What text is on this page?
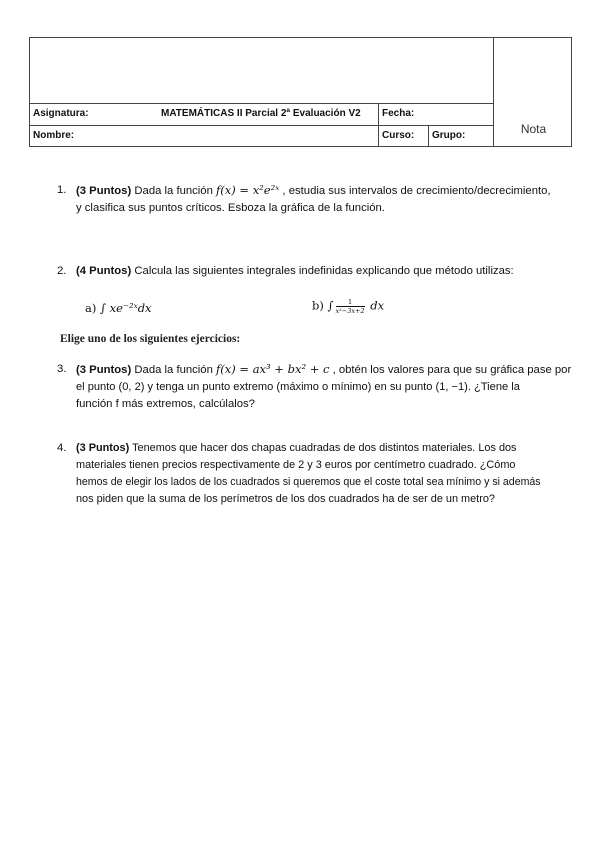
. , . .
Asignatura:	MATEMÁTICAS II Parcial 2ª Evaluación V2 Fecha:
Nombre:	Curso: Grupo:	Nota
1. (3 Puntos) Dada la función f(x) = x²e²ˣ , estudia sus intervalos de crecimiento/decrecimiento,
y clasifica sus puntos críticos. Esboza la gráfica de la función.
2. (4 Puntos) Calcula las siguientes integrales indefinidas explicando que método utilizas:
a) ∫ xe⁻²ˣdx	b) ∫ $\frac{1}{\text{x²−3x+2}}$ dx
Elige uno de los siguientes ejercicios:
3. (3 Puntos) Dada la función f(x) = ax³ + bx² + c , obtén los valores para que su gráfica pase por
el punto (0, 2) y tenga un punto extremo (máximo o mínimo) en su punto (1, −1). ¿Tiene la
función f más extremos, calcúlalos?
4. (3 Puntos) Tenemos que hacer dos chapas cuadradas de dos distintos materiales. Los dos
materiales tienen precios respectivamente de 2 y 3 euros por centímetro cuadrado. ¿Cómo
hemos de elegir los lados de los cuadrados si queremos que el coste total sea mínimo y si además
nos piden que la suma de los perímetros de los dos cuadrados ha de ser de un metro?
